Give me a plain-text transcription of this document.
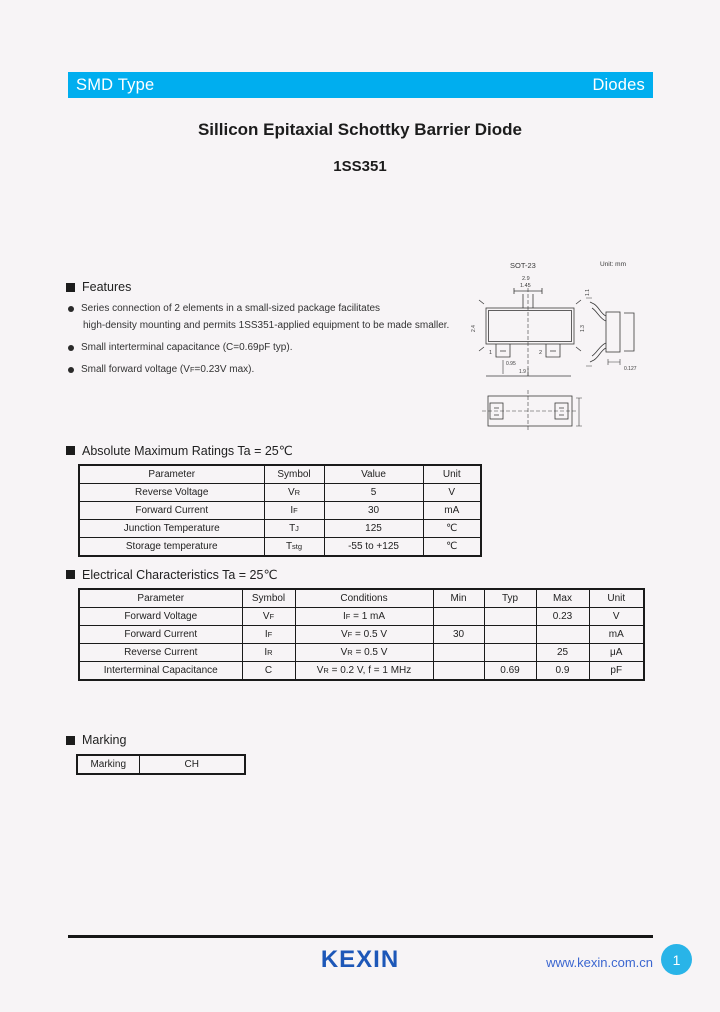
SMD Type	Diodes
Sillicon Epitaxial Schottky Barrier Diode
1SS351
SOT-23	Unit: mm
2.9
1.45
2.4	1.3
0.95
1.9
1.1
0.127
1	2
Features
Series connection of 2 elements in a small-sized package facilitates
high-density mounting and permits 1SS351-applied equipment to be made smaller.
Small interterminal capacitance (C=0.69pF typ).
Small forward voltage (VF=0.23V max).
Absolute Maximum Ratings Ta = 25℃
Parameter	Symbol	Value	Unit
Reverse Voltage	VR	5	V
Forward Current	IF	30	mA
Junction Temperature	TJ	125	℃
Storage temperature	Tstg	-55 to +125	℃
Electrical Characteristics Ta = 25℃
Parameter	Symbol	Conditions	Min	Typ	Max	Unit
Forward Voltage	VF	IF = 1 mA			0.23	V
Forward Current	IF	VF = 0.5 V	30			mA
Reverse Current	IR	VR = 0.5 V			25	μA
Interterminal Capacitance	C	VR = 0.2 V, f = 1 MHz		0.69	0.9	pF
Marking
Marking	CH
KEXIN	www.kexin.com.cn	1
